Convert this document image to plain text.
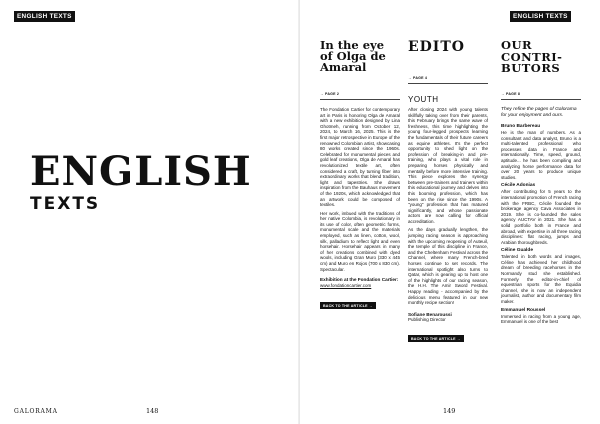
ENGLISH TEXTS
ENGLISH
TEXTS
GALORAMA	148
ENGLISH TEXTS
In the eye of Olga de Amaral
→ PAGE 2

The Fondation Cartier for contemporary art in Paris is honoring Olga de Amaral with a new exhibition designed by Lina Ghotmeh, running from October 12, 2024, to March 16, 2025. This is the first major retrospective in Europe of the renowned Colombian artist, showcasing 80 works created since the 1960s. Celebrated for monumental pieces and gold leaf creations, Olga de Amaral has revolutionized textile art, often considered a craft, by turning fiber into extraordinary works that blend tradition, light and tapestries. She draws inspiration from the Bauhaus movement of the 1920s, which acknowledged that an artwork could be composed of textiles.

Her work, imbued with the traditions of her native Colombia, is revolutionary in its use of color, often geometric forms, monumental scale and the materials employed, such as linen, cotton, wool, silk, palladium to reflect light and even horsehair. Horsehair appears in many of her creations combined with dyed wools, including Gran Muro (330 x 445 cm) and Muro en Rojos (700 x 830 cm). Spectacular.

Exhibition at the Fondation Cartier:

www.fondationcartier.com

BACK TO THE ARTICLE →
EDITO
→ PAGE 4

YOUTH

After closing 2024 with young talents skillfully taking over from their parents, this February brings the same wave of freshness, this time highlighting the young four-legged prospects learning the fundamentals of their future careers as equine athletes. It's the perfect opportunity to shed light on the profession of breaking-in and pre-training, who plays a vital role in preparing horses physically and mentally before more intensive training. This piece explores the synergy between pre-trainers and trainers within this educational journey and delves into this booming profession, which has been on the rise since the 1990s. A "young" profession that has matured significantly, and whose passionate actors are now calling for official accreditation.

As the days gradually lengthen, the jumping racing season is approaching with the upcoming reopening of Auteuil, the temple of this discipline in France, and the Cheltenham Festival across the Channel, where many French-bred horses continue to set records. The international spotlight also turns to Qatar, which is gearing up to host one of the highlights of our racing season, the H.H. The Amir Sword Festival. Happy reading - accompanied by the delicious menu featured in our new monthly recipe section!

Sofiane Benaroussi

Publishing Director

BACK TO THE ARTICLE →
OUR
CONTRI-
BUTORS
→ PAGE 8

They refine the pages of Galorama for your enjoyment and ours.

Bruno Barbereau

He is the man of numbers. As a consultant and data analyst, Bruno is a multi-talented professional who processes data in France and internationally. Time, speed, ground, aptitude... he has been compiling and analyzing horse performance data for over 20 years to produce unique studies.

Cécile Adonias

After contributing for 5 years to the international promotion of French racing with the FRBC, Cécile founded the brokerage agency Cava Associates in 2019. She is co-founded the sales agency AUCTAV in 2021. She has a solid portfolio both in France and abroad, with expertise in all three racing disciplines: flat racing, jumps and Arabian thoroughbreds.

Céline Gualde

Talented in both words and images, Céline has achieved her childhood dream of breeding racehorses in the Normandy stud she established. Formerly the editor-in-chief of equestrian sports for the Equidia channel, she is now an independent journalist, author and documentary film maker.

Emmanuel Roussel

Immersed in racing from a young age, Emmanuel is one of the best

149
